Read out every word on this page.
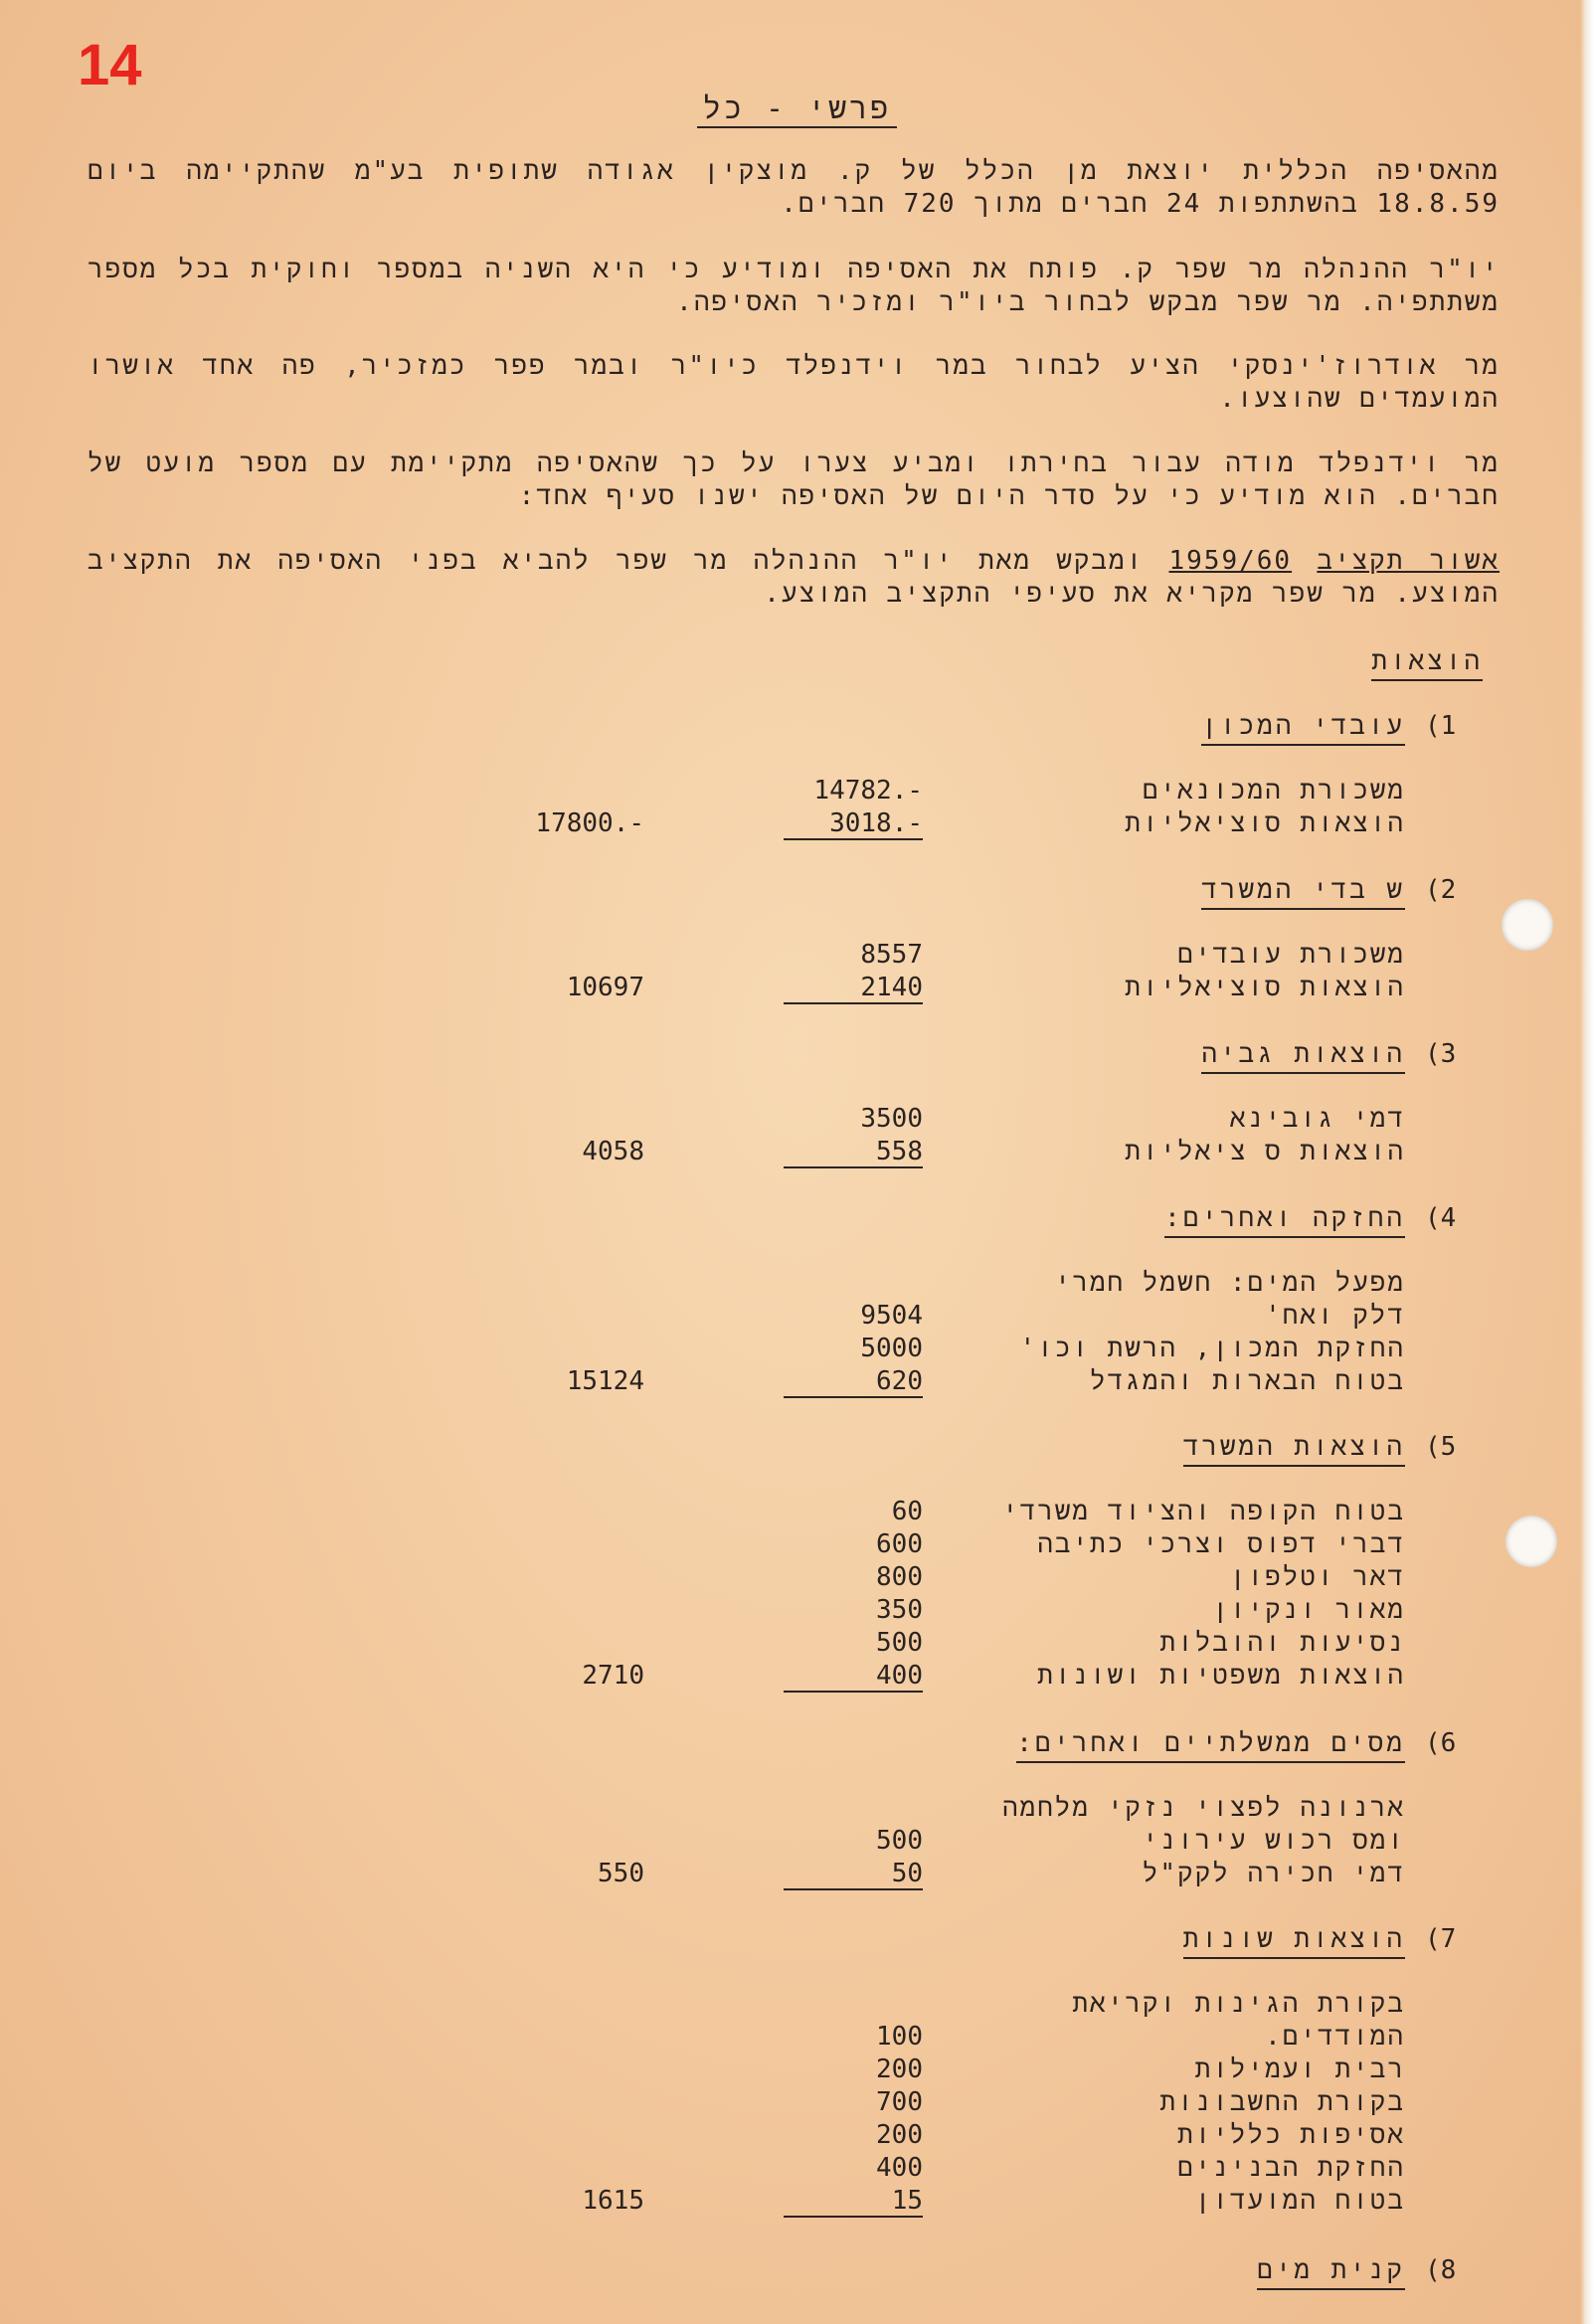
14
פרשי - כל
מהאסיפה הכללית יוצאת מן הכלל של ק. מוצקין אגודה שתופית בע"מ שהתקיימה ביום 18.8.59 בהשתתפות 24 חברים מתוך 720 חברים.
יו"ר ההנהלה מר שפר ק. פותח את האסיפה ומודיע כי היא השניה במספר וחוקית בכל מספר משתתפיה. מר שפר מבקש לבחור ביו"ר ומזכיר האסיפה.
מר אודרוז'ינסקי הציע לבחור במר וידנפלד כיו"ר ובמר פפר כמזכיר, פה אחד אושרו המועמדים שהוצעו.
מר וידנפלד מודה עבור בחירתו ומביע צערו על כך שהאסיפה מתקיימת עם מספר מועט של חברים. הוא מודיע כי על סדר היום של האסיפה ישנו סעיף אחד:
אשור תקציב 1959/60 ומבקש מאת יו"ר ההנהלה מר שפר להביא בפני האסיפה את התקציב המוצע. מר שפר מקריא את סעיפי התקציב המוצע.
הוצאות
(1
עובדי המכון
משכורת המכונאים
14782.-
הוצאות סוציאליות
3018.-
17800.-
(2
ש בדי המשרד
משכורת עובדים
8557
הוצאות סוציאליות
2140
10697
(3
הוצאות גביה
דמי גובינא
3500
הוצאות ס ציאליות
558
4058
(4
החזקה ואחרים:
מפעל המים: חשמל חמרי
דלק ואח'
9504
החזקת המכון, הרשת וכו'
5000
בטוח הבארות והמגדל
620
15124
(5
הוצאות המשרד
בטוח הקופה והציוד משרדי
60
דברי דפוס וצרכי כתיבה
600
דאר וטלפון
800
מאור ונקיון
350
נסיעות והובלות
500
הוצאות משפטיות ושונות
400
2710
(6
מסים ממשלתיים ואחרים:
ארנונה לפצוי נזקי מלחמה
ומס רכוש עירוני
500
דמי חכירה לקק"ל
50
550
(7
הוצאות שונות
בקורת הגינות וקריאת
המודדים.
100
רבית ועמילות
200
בקורת החשבונות
700
אסיפות כלליות
200
החזקת הבנינים
400
בטוח המועדון
15
1615
(8
קנית מים
